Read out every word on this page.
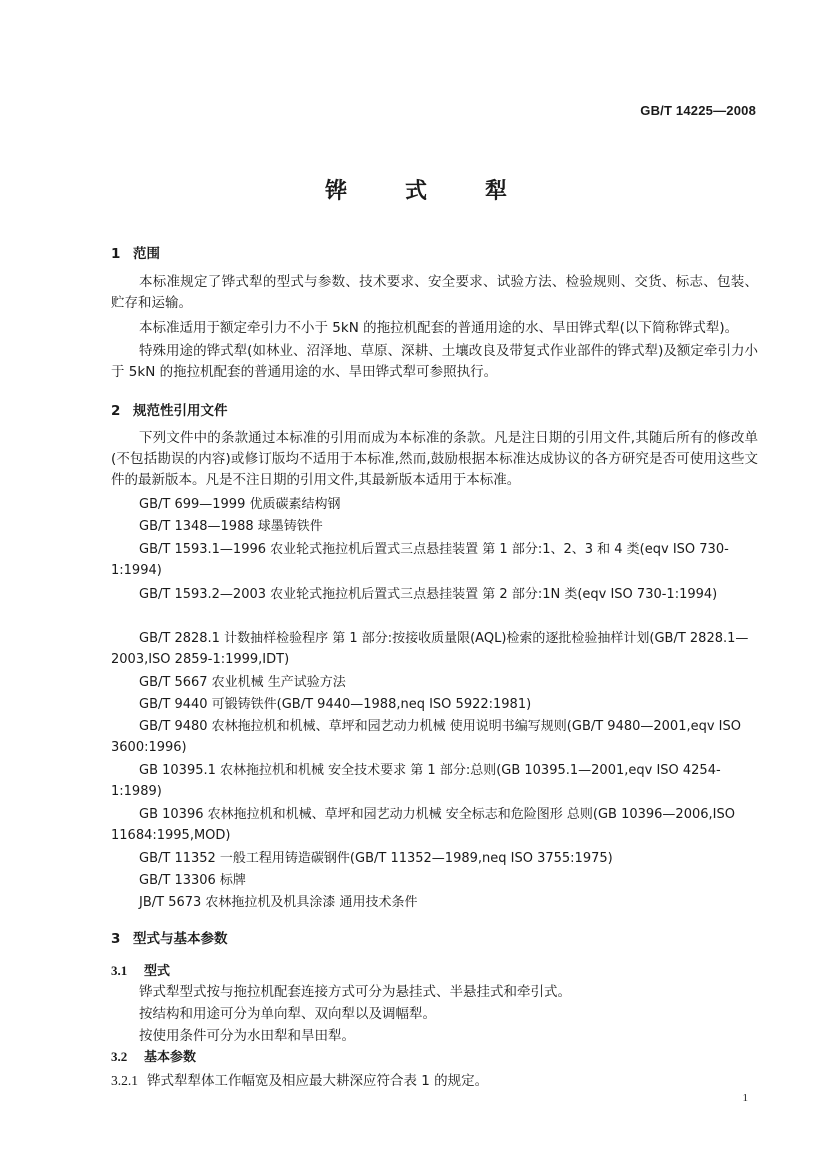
GB/T 14225—2008
铧	式	犁
1 范围
本标准规定了铧式犁的型式与参数、技术要求、安全要求、试验方法、检验规则、交货、标志、包装、贮存和运输。
本标准适用于额定牵引力不小于 5kN 的拖拉机配套的普通用途的水、旱田铧式犁(以下简称铧式犁)。
特殊用途的铧式犁(如林业、沼泽地、草原、深耕、土壤改良及带复式作业部件的铧式犁)及额定牵引力小于 5kN 的拖拉机配套的普通用途的水、旱田铧式犁可参照执行。
2 规范性引用文件
下列文件中的条款通过本标准的引用而成为本标准的条款。凡是注日期的引用文件,其随后所有的修改单(不包括勘误的内容)或修订版均不适用于本标准,然而,鼓励根据本标准达成协议的各方研究是否可使用这些文件的最新版本。凡是不注日期的引用文件,其最新版本适用于本标准。
GB/T 699—1999 优质碳素结构钢
GB/T 1348—1988 球墨铸铁件
GB/T 1593.1—1996 农业轮式拖拉机后置式三点悬挂装置 第 1 部分:1、2、3 和 4 类(eqv ISO 730-1:1994)
GB/T 1593.2—2003 农业轮式拖拉机后置式三点悬挂装置 第 2 部分:1N 类(eqv ISO 730-1:1994)
GB/T 2828.1 计数抽样检验程序 第 1 部分:按接收质量限(AQL)检索的逐批检验抽样计划(GB/T 2828.1—2003,ISO 2859-1:1999,IDT)
GB/T 5667 农业机械 生产试验方法
GB/T 9440 可锻铸铁件(GB/T 9440—1988,neq ISO 5922:1981)
GB/T 9480 农林拖拉机和机械、草坪和园艺动力机械 使用说明书编写规则(GB/T 9480—2001,eqv ISO 3600:1996)
GB 10395.1 农林拖拉机和机械 安全技术要求 第 1 部分:总则(GB 10395.1—2001,eqv ISO 4254-1:1989)
GB 10396 农林拖拉机和机械、草坪和园艺动力机械 安全标志和危险图形 总则(GB 10396—2006,ISO 11684:1995,MOD)
GB/T 11352 一般工程用铸造碳钢件(GB/T 11352—1989,neq ISO 3755:1975)
GB/T 13306 标牌
JB/T 5673 农林拖拉机及机具涂漆 通用技术条件
3 型式与基本参数
3.1 型式
铧式犁型式按与拖拉机配套连接方式可分为悬挂式、半悬挂式和牵引式。
按结构和用途可分为单向犁、双向犁以及调幅犁。
按使用条件可分为水田犁和旱田犁。
3.2 基本参数
3.2.1 铧式犁犁体工作幅宽及相应最大耕深应符合表 1 的规定。
1
